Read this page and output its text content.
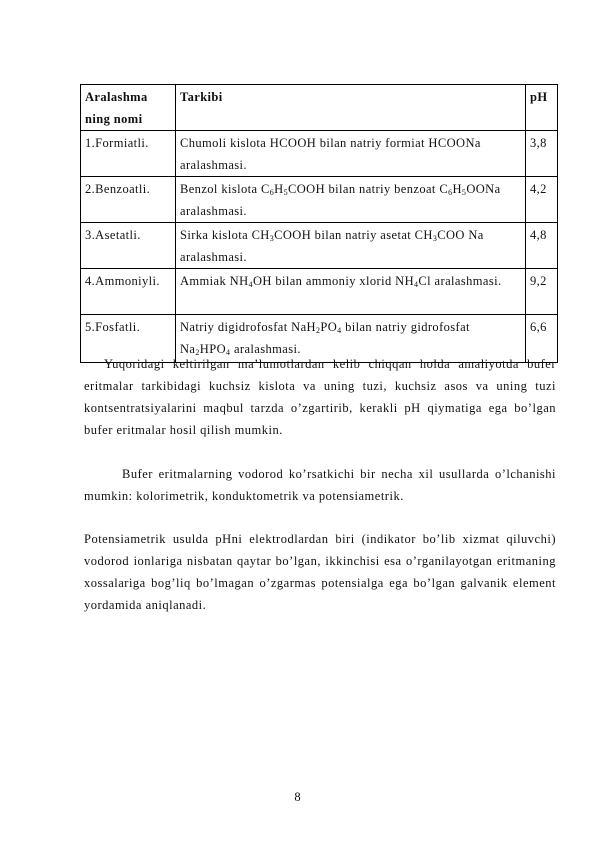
Aralashma ning nomi	Tarkibi	pH
1.Formiatli.	Chumoli kislota HCOOH bilan natriy formiat HCOONa aralashmasi.	3,8
2.Benzoatli.	Benzol kislota $C_6H_5COOH$ bilan natriy benzoat $C_6H_5OONa$ aralashmasi.	4,2
3.Asetatli.	Sirka kislota $CH_3COOH$ bilan natriy asetat $CH_3COO$ Na aralashmasi.	4,8
4.Ammoniyli.	Ammiak $NH_4OH$ bilan ammoniy xlorid $NH_4Cl$ aralashmasi.	9,2
5.Fosfatli.	Natriy digidrofosfat $NaH_2PO_4$ bilan natriy gidrofosfat $Na_2HPO_4$ aralashmasi.	6,6

Yuqoridagi keltirilgan ma’lumotlardan kelib chiqqan holda amaliyotda bufer eritmalar tarkibidagi kuchsiz kislota va uning tuzi, kuchsiz asos va uning tuzi kontsentratsiyalarini maqbul tarzda o’zgartirib, kerakli pH qiymatiga ega bo’lgan bufer eritmalar hosil qilish mumkin.

Bufer eritmalarning vodorod ko’rsatkichi bir necha xil usullarda o’lchanishi mumkin: kolorimetrik, konduktometrik va potensiametrik.

Potensiametrik usulda pHni elektrodlardan biri (indikator bo’lib xizmat qiluvchi) vodorod ionlariga nisbatan qaytar bo’lgan, ikkinchisi esa o’rganilayotgan eritmaning xossalariga bog’liq bo’lmagan o’zgarmas potensialga ega bo’lgan galvanik element yordamida aniqlanadi.

8
